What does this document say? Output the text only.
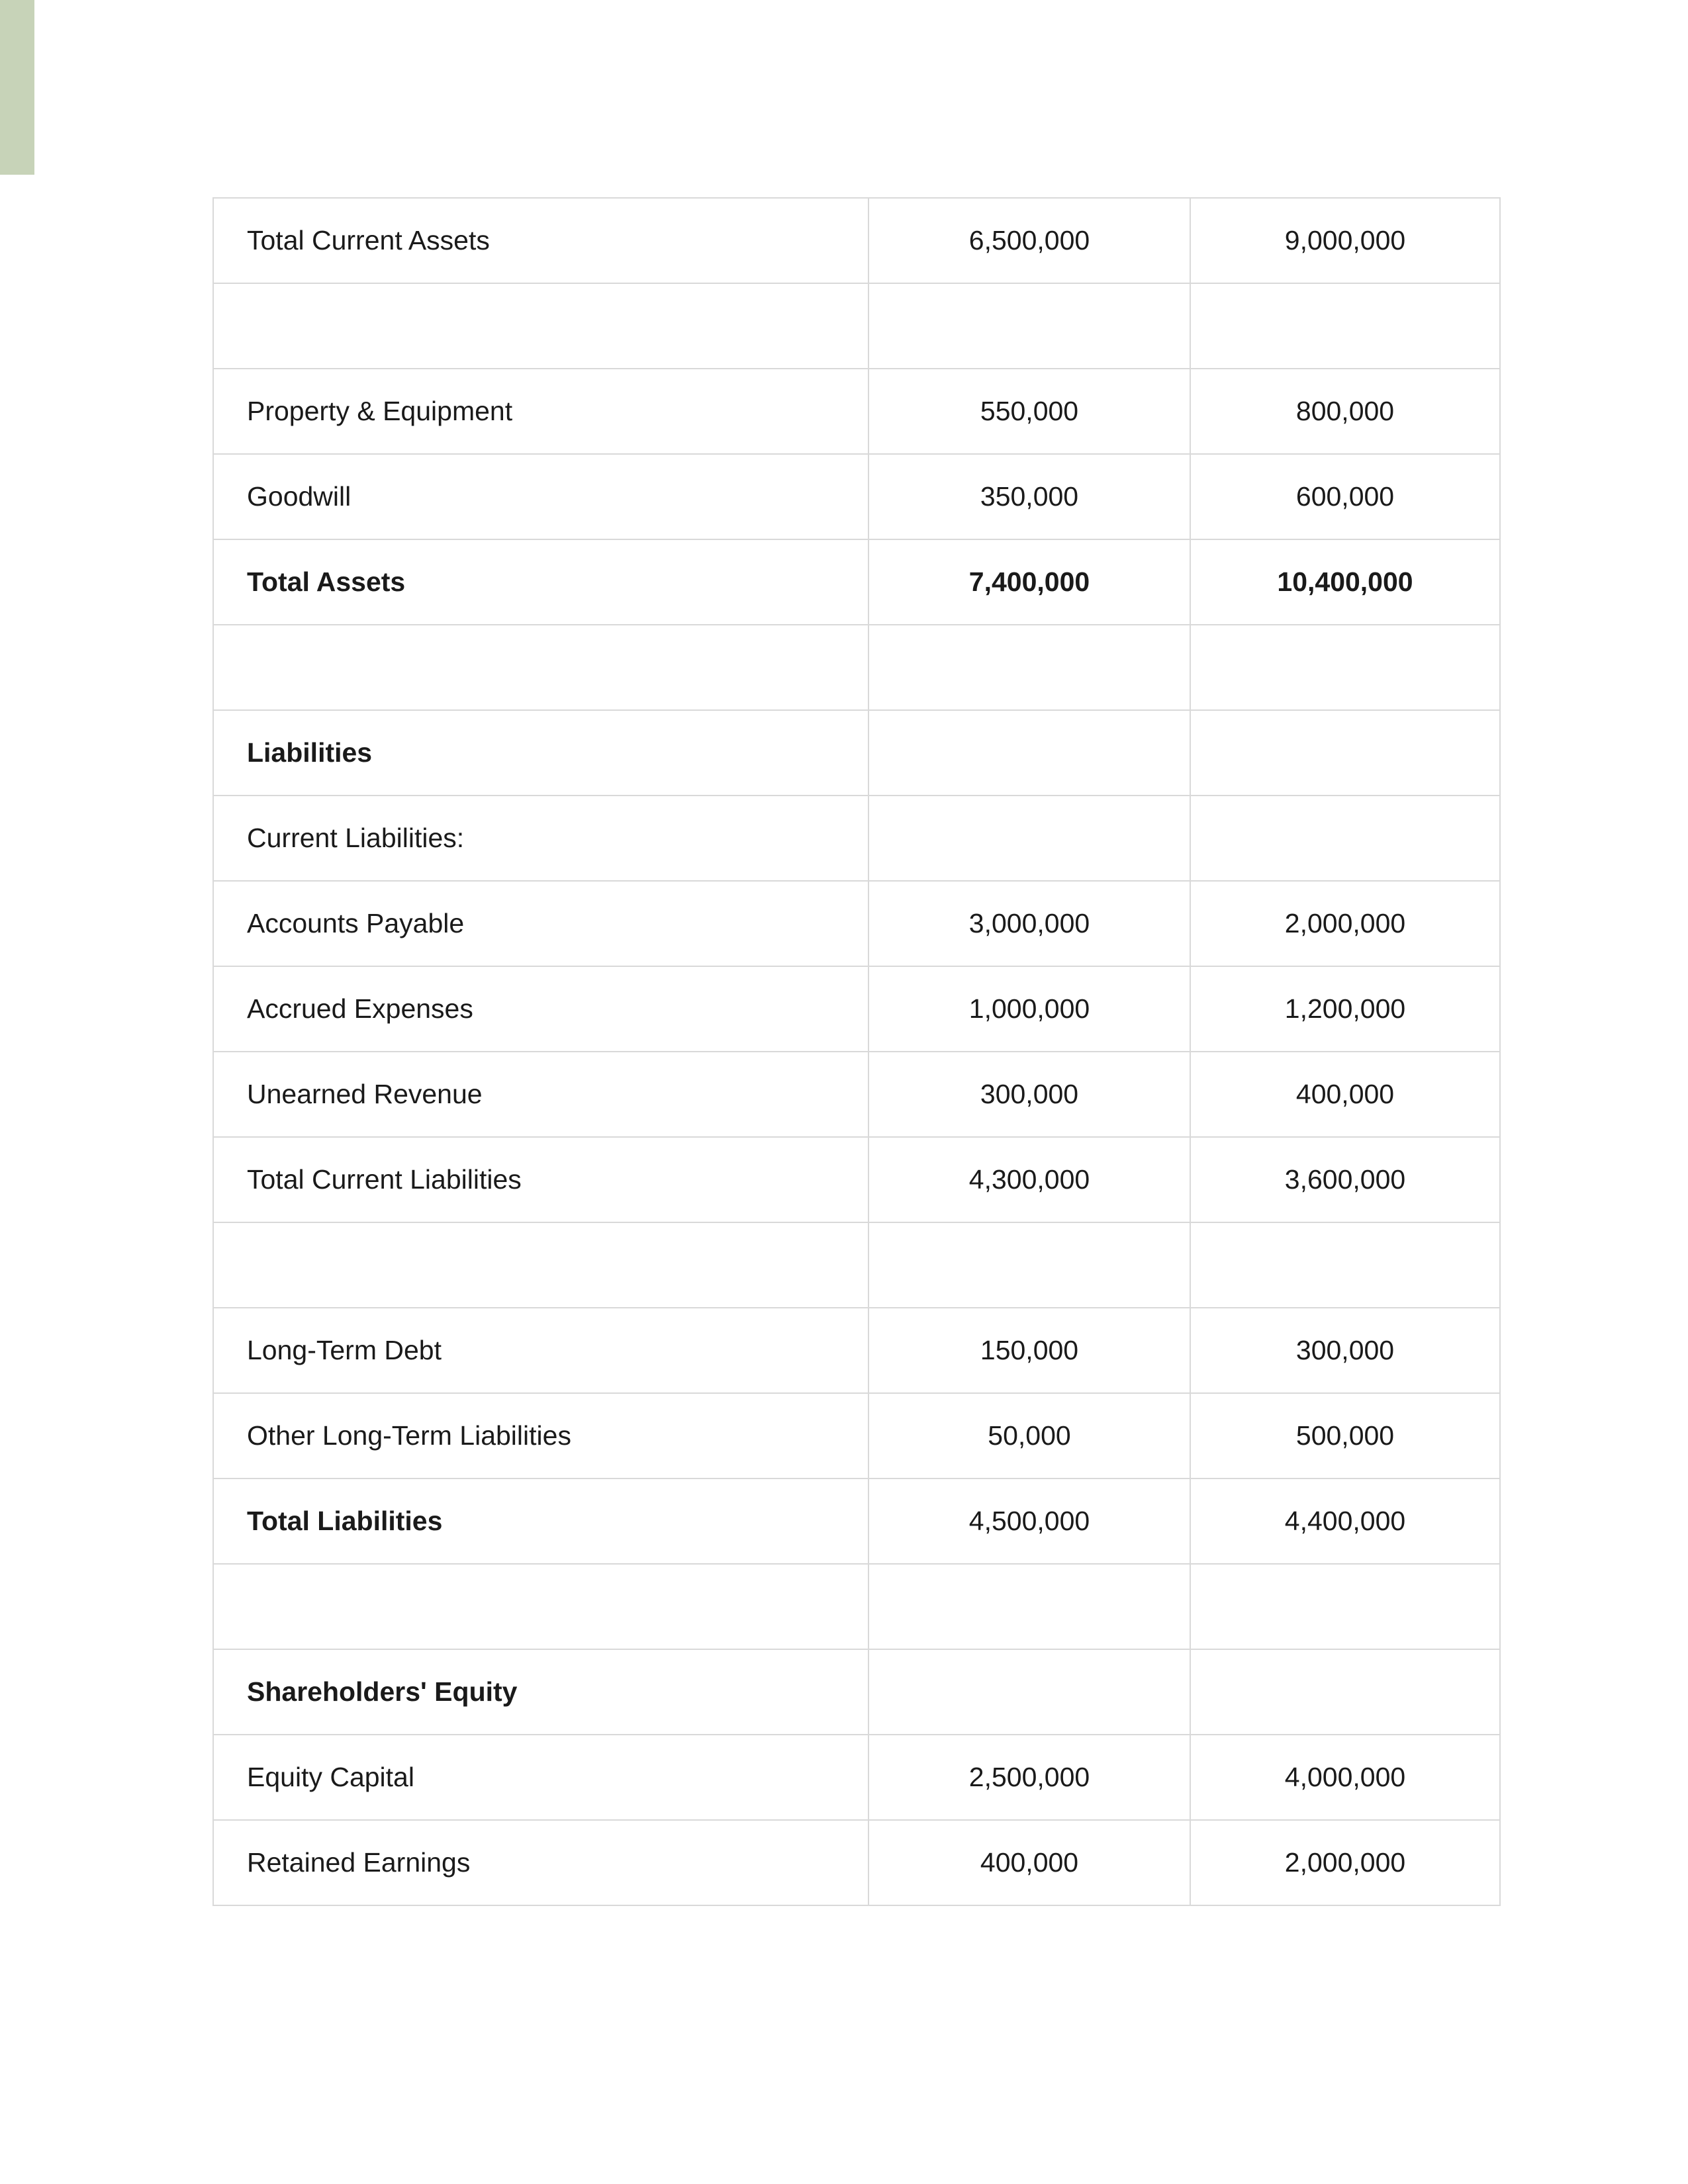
Total Current Assets	6,500,000	9,000,000

Property & Equipment	550,000	800,000
Goodwill	350,000	600,000
Total Assets	7,400,000	10,400,000

Liabilities		
Current Liabilities:		
Accounts Payable	3,000,000	2,000,000
Accrued Expenses	1,000,000	1,200,000
Unearned Revenue	300,000	400,000
Total Current Liabilities	4,300,000	3,600,000

Long-Term Debt	150,000	300,000
Other Long-Term Liabilities	50,000	500,000
Total Liabilities	4,500,000	4,400,000

Shareholders' Equity		
Equity Capital	2,500,000	4,000,000
Retained Earnings	400,000	2,000,000
